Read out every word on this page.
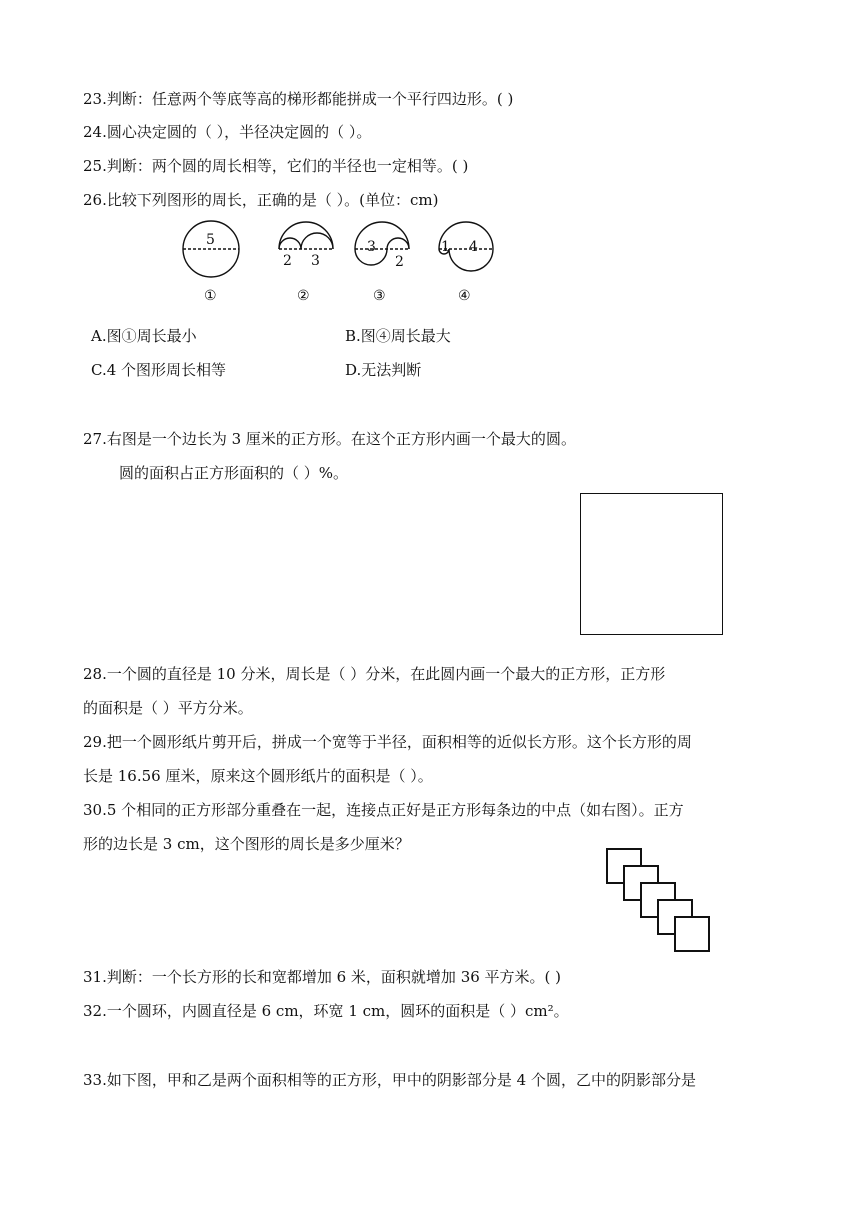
23.判断：任意两个等底等高的梯形都能拼成一个平行四边形。( )
24.圆心决定圆的（ ），半径决定圆的（ ）。
25.判断：两个圆的周长相等，它们的半径也一定相等。( )
26.比较下列图形的周长，正确的是（ ）。(单位：cm)
5
2 3
3
2
1 4
①	②	③	④
A.图①周长最小	B.图④周长最大
C.4 个图形周长相等	D.无法判断
27.右图是一个边长为 3 厘米的正方形。在这个正方形内画一个最大的圆。
圆的面积占正方形面积的（ ）%。
28.一个圆的直径是 10 分米，周长是（ ）分米，在此圆内画一个最大的正方形，正方形
的面积是（ ）平方分米。
29.把一个圆形纸片剪开后，拼成一个宽等于半径，面积相等的近似长方形。这个长方形的周
长是 16.56 厘米，原来这个圆形纸片的面积是（ ）。
30.5 个相同的正方形部分重叠在一起，连接点正好是正方形每条边的中点（如右图）。正方
形的边长是 3 cm，这个图形的周长是多少厘米？
31.判断：一个长方形的长和宽都增加 6 米，面积就增加 36 平方米。( )
32.一个圆环，内圆直径是 6 cm，环宽 1 cm，圆环的面积是（ ）cm²。
33.如下图，甲和乙是两个面积相等的正方形，甲中的阴影部分是 4 个圆，乙中的阴影部分是
